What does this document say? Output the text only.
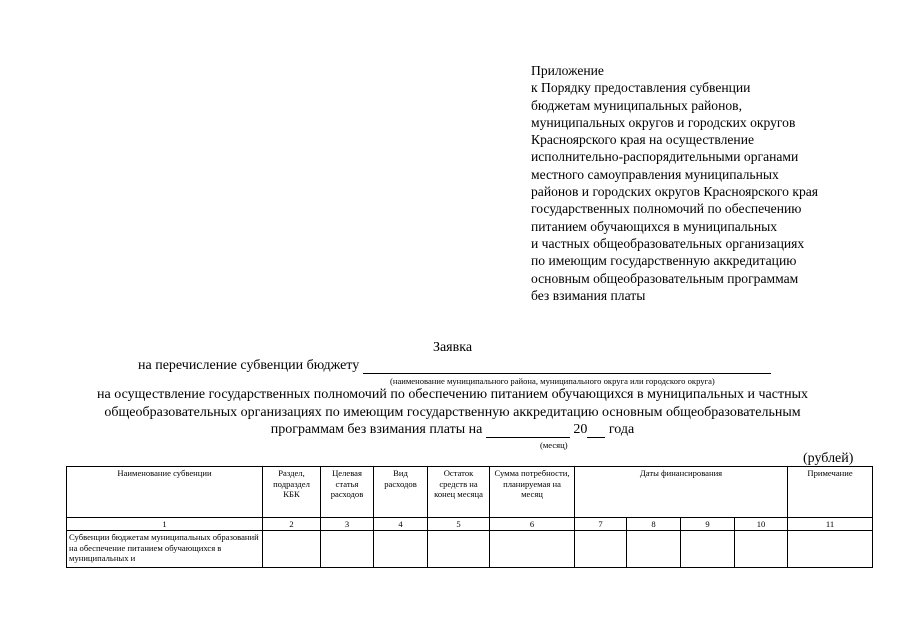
Приложение
к Порядку предоставления субвенции
бюджетам муниципальных районов,
муниципальных округов и городских округов
Красноярского края на осуществление
исполнительно-распорядительными органами
местного самоуправления муниципальных
районов и городских округов Красноярского края
государственных полномочий по обеспечению
питанием обучающихся в муниципальных
и частных общеобразовательных организациях
по имеющим государственную аккредитацию
основным общеобразовательным программам
без взимания платы
Заявка
на перечисление субвенции бюджету
(наименование муниципального района, муниципального округа или городского округа)
на осуществление государственных полномочий по обеспечению питанием обучающихся в муниципальных и частных
общеобразовательных организациях по имеющим государственную аккредитацию основным общеобразовательным
программам без взимания платы на	20 года
(месяц)
(рублей)
Наименование субвенции	Раздел, подраздел КБК	Целевая статья расходов	Вид расходов	Остаток средств на конец месяца	Сумма потребности, планируемая на месяц	Даты финансирования				Примечание
1	2	3	4	5	6	7	8	9	10	11
Субвенции бюджетам муниципальных образований на обеспечение питанием обучающихся в муниципальных и										
